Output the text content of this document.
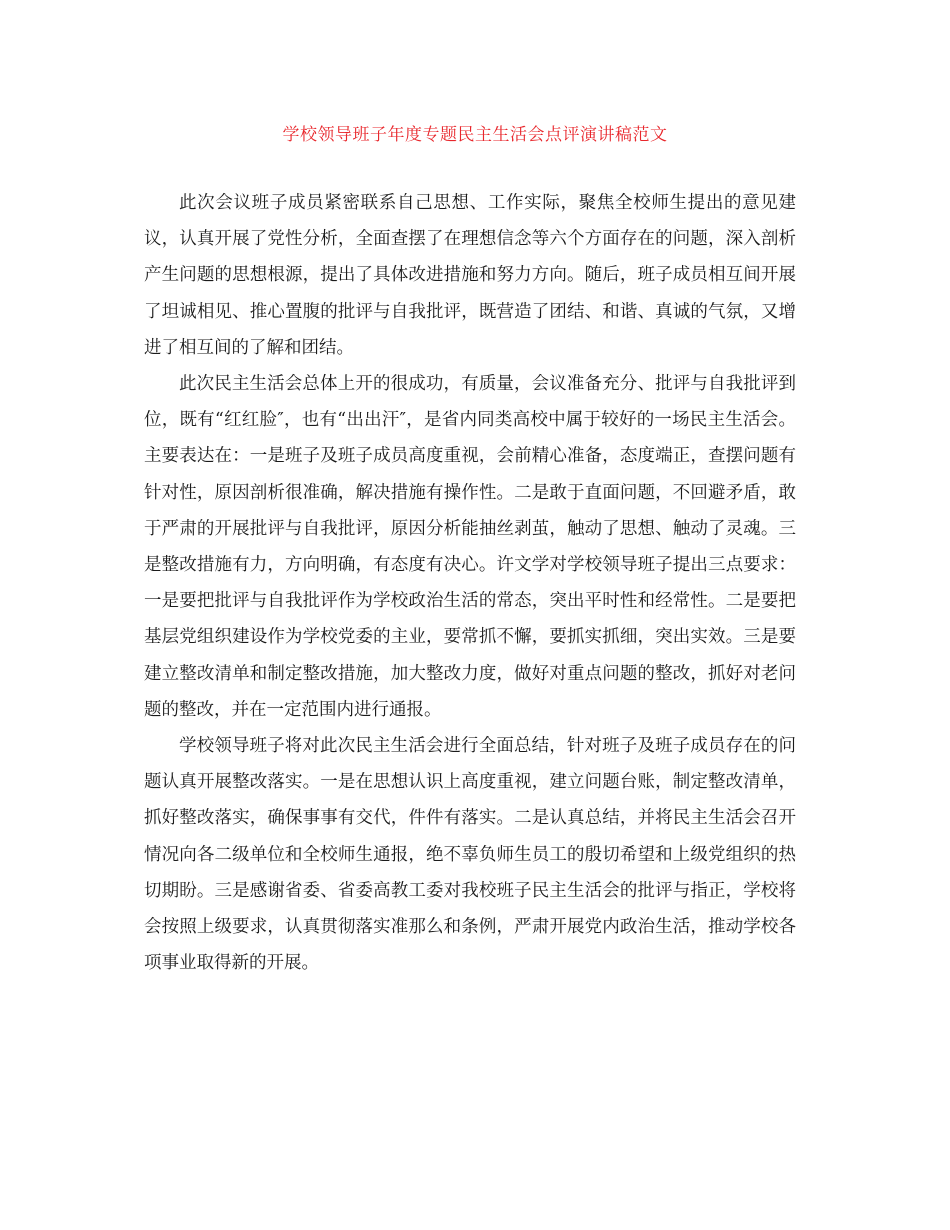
学校领导班子年度专题民主生活会点评演讲稿范文

此次会议班子成员紧密联系自己思想、工作实际，聚焦全校师生提出的意见建议，认真开展了党性分析，全面查摆了在理想信念等六个方面存在的问题，深入剖析产生问题的思想根源，提出了具体改进措施和努力方向。随后，班子成员相互间开展了坦诚相见、推心置腹的批评与自我批评，既营造了团结、和谐、真诚的气氛，又增进了相互间的了解和团结。

此次民主生活会总体上开的很成功，有质量，会议准备充分、批评与自我批评到位，既有“红红脸″，也有“出出汗″，是省内同类高校中属于较好的一场民主生活会。主要表达在：一是班子及班子成员高度重视，会前精心准备，态度端正，查摆问题有针对性，原因剖析很准确，解决措施有操作性。二是敢于直面问题，不回避矛盾，敢于严肃的开展批评与自我批评，原因分析能抽丝剥茧，触动了思想、触动了灵魂。三是整改措施有力，方向明确，有态度有决心。许文学对学校领导班子提出三点要求：一是要把批评与自我批评作为学校政治生活的常态，突出平时性和经常性。二是要把基层党组织建设作为学校党委的主业，要常抓不懈，要抓实抓细，突出实效。三是要建立整改清单和制定整改措施，加大整改力度，做好对重点问题的整改，抓好对老问题的整改，并在一定范围内进行通报。

学校领导班子将对此次民主生活会进行全面总结，针对班子及班子成员存在的问题认真开展整改落实。一是在思想认识上高度重视，建立问题台账，制定整改清单，抓好整改落实，确保事事有交代，件件有落实。二是认真总结，并将民主生活会召开情况向各二级单位和全校师生通报，绝不辜负师生员工的殷切希望和上级党组织的热切期盼。三是感谢省委、省委高教工委对我校班子民主生活会的批评与指正，学校将会按照上级要求，认真贯彻落实准那么和条例，严肃开展党内政治生活，推动学校各项事业取得新的开展。
